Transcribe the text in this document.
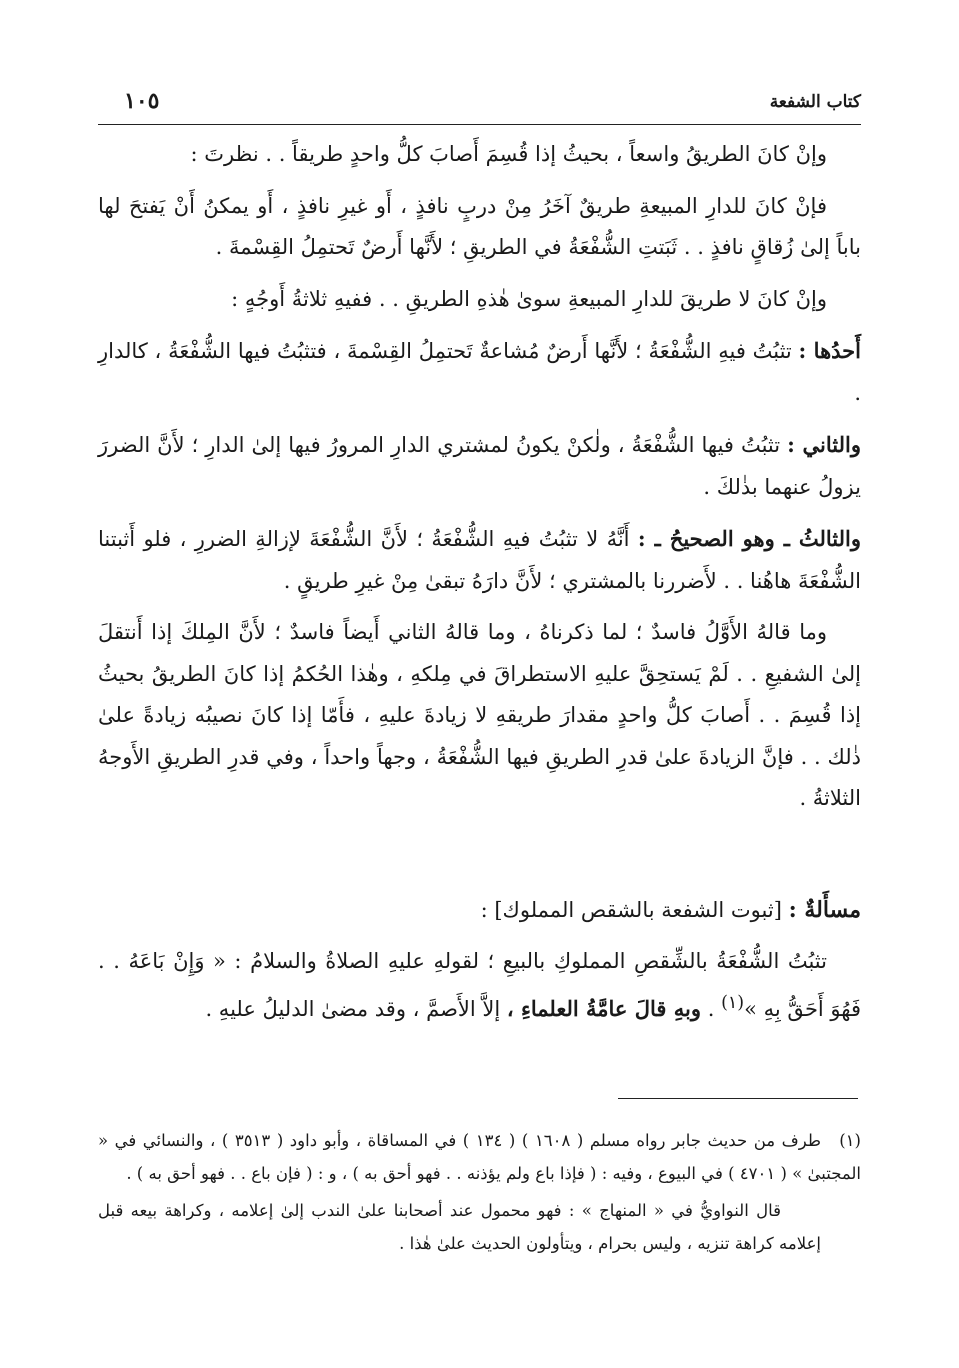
كتاب الشفعة
١٠٥

وإنْ كانَ الطريقُ واسعاً ، بحيثُ إذا قُسِمَ أَصابَ كلُّ واحدٍ طريقاً . . نظرتَ :

فإنْ كانَ للدارِ المبيعةِ طريقٌ آخَرُ مِنْ دربٍ نافذٍ ، أَو غيرِ نافذٍ ، أَو يمكنُ أَنْ يَفتحَ لها باباً إلىٰ زُقاقٍ نافذٍ . . ثَبَتتِ الشُّفْعَةُ في الطريقِ ؛ لأَنَّها أَرضٌ تَحتمِلُ القِسْمةَ .

وإنْ كانَ لا طريقَ للدارِ المبيعةِ سوىٰ هٰذهِ الطريقِ . . ففيهِ ثلاثةُ أَوجُهٍ :

أَحدُها : تثبُتُ فيهِ الشُّفْعَةُ ؛ لأَنَّها أَرضٌ مُشاعةٌ تَحتمِلُ القِسْمةَ ، فتثبُتُ فيها الشُّفْعَةُ ، كالدارِ .

والثاني : تثبُتُ فيها الشُّفْعَةُ ، ولٰكنْ يكونُ لمشتري الدارِ المرورُ فيها إلىٰ الدارِ ؛ لأَنَّ الضررَ يزولُ عنهما بذٰلكَ .

والثالثُ ـ وهو الصحيحُ ـ : أَنَّهُ لا تثبُتُ فيهِ الشُّفْعَةُ ؛ لأَنَّ الشُّفْعَةَ لإزالةِ الضررِ ، فلو أَثبتنا الشُّفْعَةَ هاهُنا . . لأَضررنا بالمشتري ؛ لأَنَّ دارَهُ تبقىٰ مِنْ غيرِ طريقٍ .

وما قالهُ الأَوَّلُ فاسدٌ ؛ لما ذكرناهُ ، وما قالهُ الثاني أَيضاً فاسدٌ ؛ لأَنَّ المِلكَ إذا أَنتقلَ إلىٰ الشفيعِ . . لَمْ يَستحِقَّ عليهِ الاستطراقَ في مِلكهِ ، وهٰذا الحُكمُ إذا كانَ الطريقُ بحيثُ إذا قُسِمَ . . أَصابَ كلُّ واحدٍ مقدارَ طريقهِ لا زيادةَ عليهِ ، فأَمّا إذا كانَ نصيبُه زيادةً علىٰ ذٰلك . . فإنَّ الزيادةَ علىٰ قدرِ الطريقِ فيها الشُّفْعَةُ ، وجهاً واحداً ، وفي قدرِ الطريقِ الأَوجهُ الثلاثةُ .

مسأَلةٌ : [ثبوت الشفعة بالشقص المملوك] :

تثبُتُ الشُّفْعَةُ بالشِّقصِ المملوكِ بالبيعِ ؛ لقولهِ عليهِ الصلاةُ والسلامُ : « وَإِنْ بَاعَهُ . . فَهُوَ أَحَقُّ بِهِ »$^{(١)}$ . وبهِ قالَ عامَّةُ العلماءِ ، إلاَّ الأَصمَّ ، وقد مضىٰ الدليلُ عليهِ .

(١)طرف من حديث جابر رواه مسلم ( ١٦٠٨ ) ( ١٣٤ ) في المساقاة ، وأبو داود ( ٣٥١٣ ) ، والنسائي في « المجتبىٰ » ( ٤٧٠١ ) في البيوع ، وفيه : ( فإذا باع ولم يؤذنه . . فهو أحق به ) ، و : ( فإن باع . . فهو أحق به ) .

قال النواويُّ في « المنهاج » : فهو محمول عند أصحابنا علىٰ الندب إلىٰ إعلامه ، وكراهة بيعه قبل إعلامه كراهة تنزيه ، وليس بحرام ، ويتأولون الحديث علىٰ هٰذا .
